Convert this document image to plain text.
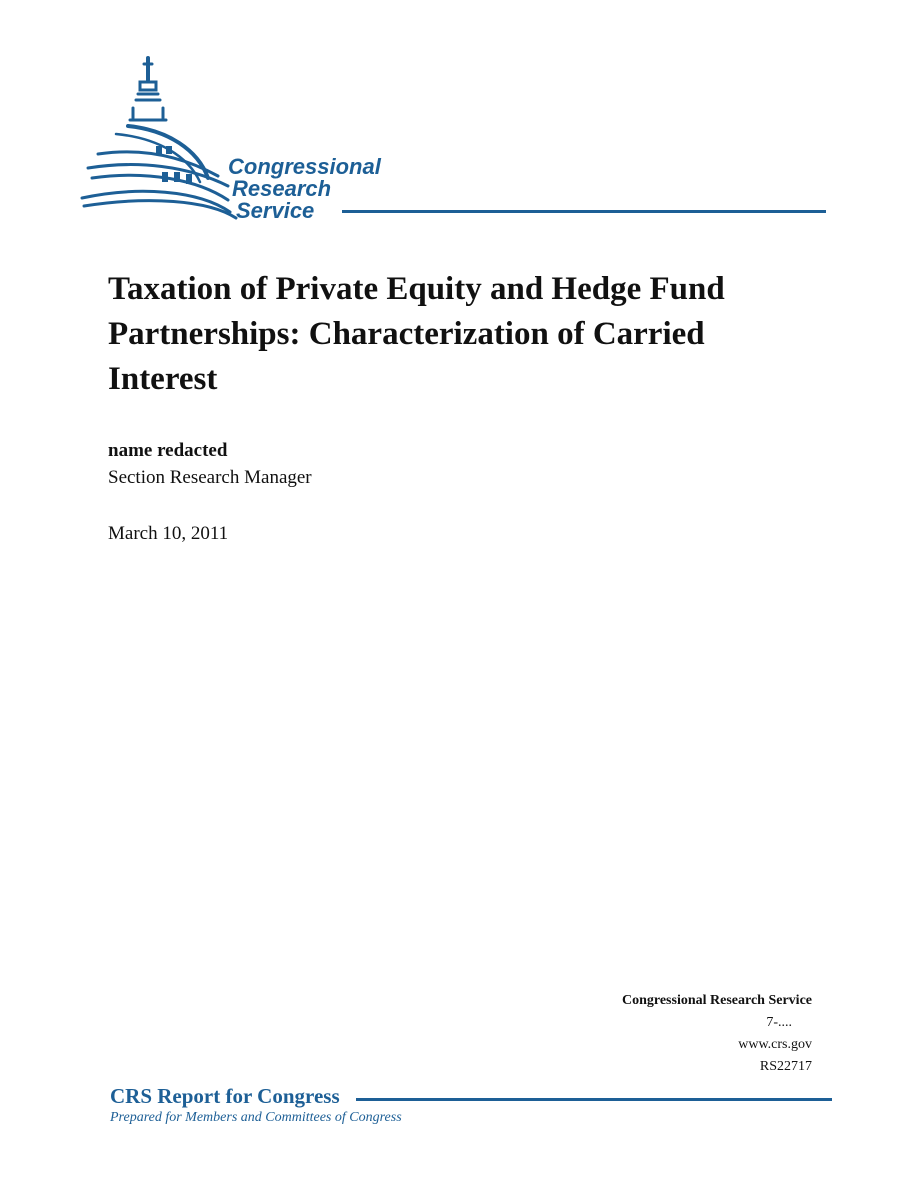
Congressional
Research
Service
Taxation of Private Equity and Hedge Fund Partnerships: Characterization of Carried Interest
name redacted
Section Research Manager
March 10, 2011
Congressional Research Service
7-....
www.crs.gov
RS22717
CRS Report for Congress
Prepared for Members and Committees of Congress
